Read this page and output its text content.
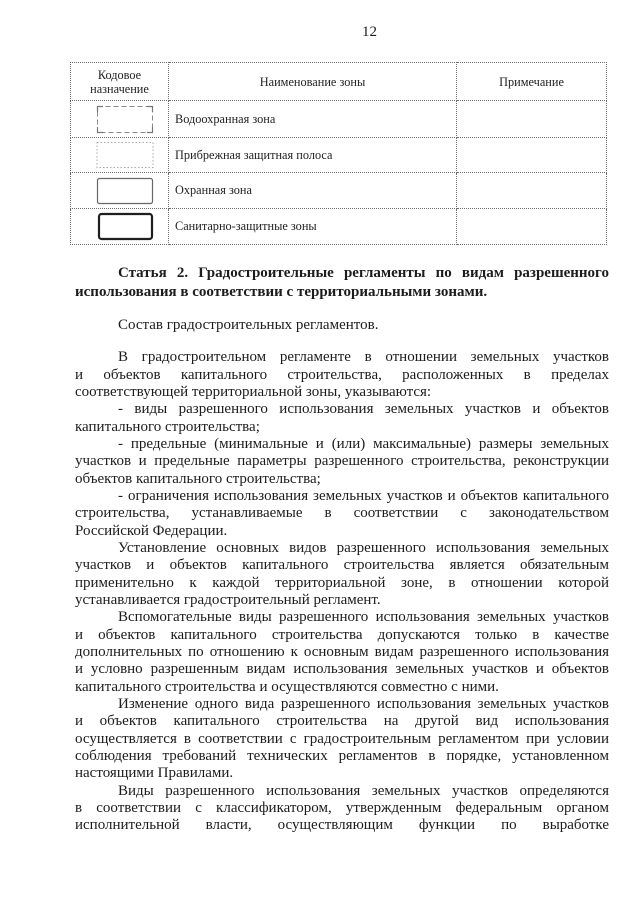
12
Кодовое
назначение	Наименование зоны	Примечание

	Водоохранная зона	

	Прибрежная защитная полоса	

	Охранная зона	

	Санитарно-защитные зоны	
Статья 2. Градостроительные регламенты по видам разрешенного
использования в соответствии с территориальными зонами.
Состав градостроительных регламентов.
В градостроительном регламенте в отношении земельных участков
и объектов капитального строительства, расположенных в пределах
соответствующей территориальной зоны, указываются:
- виды разрешенного использования земельных участков и объектов
капитального строительства;
- предельные (минимальные и (или) максимальные) размеры земельных
участков и предельные параметры разрешенного строительства, реконструкции
объектов капитального строительства;
- ограничения использования земельных участков и объектов капитального
строительства, устанавливаемые в соответствии с законодательством
Российской Федерации.
Установление основных видов разрешенного использования земельных
участков и объектов капитального строительства является обязательным
применительно к каждой территориальной зоне, в отношении которой
устанавливается градостроительный регламент.
Вспомогательные виды разрешенного использования земельных участков
и объектов капитального строительства допускаются только в качестве
дополнительных по отношению к основным видам разрешенного использования
и условно разрешенным видам использования земельных участков и объектов
капитального строительства и осуществляются совместно с ними.
Изменение одного вида разрешенного использования земельных участков
и объектов капитального строительства на другой вид использования
осуществляется в соответствии с градостроительным регламентом при условии
соблюдения требований технических регламентов в порядке, установленном
настоящими Правилами.
Виды разрешенного использования земельных участков определяются
в соответствии с классификатором, утвержденным федеральным органом
исполнительной власти, осуществляющим функции по выработке
